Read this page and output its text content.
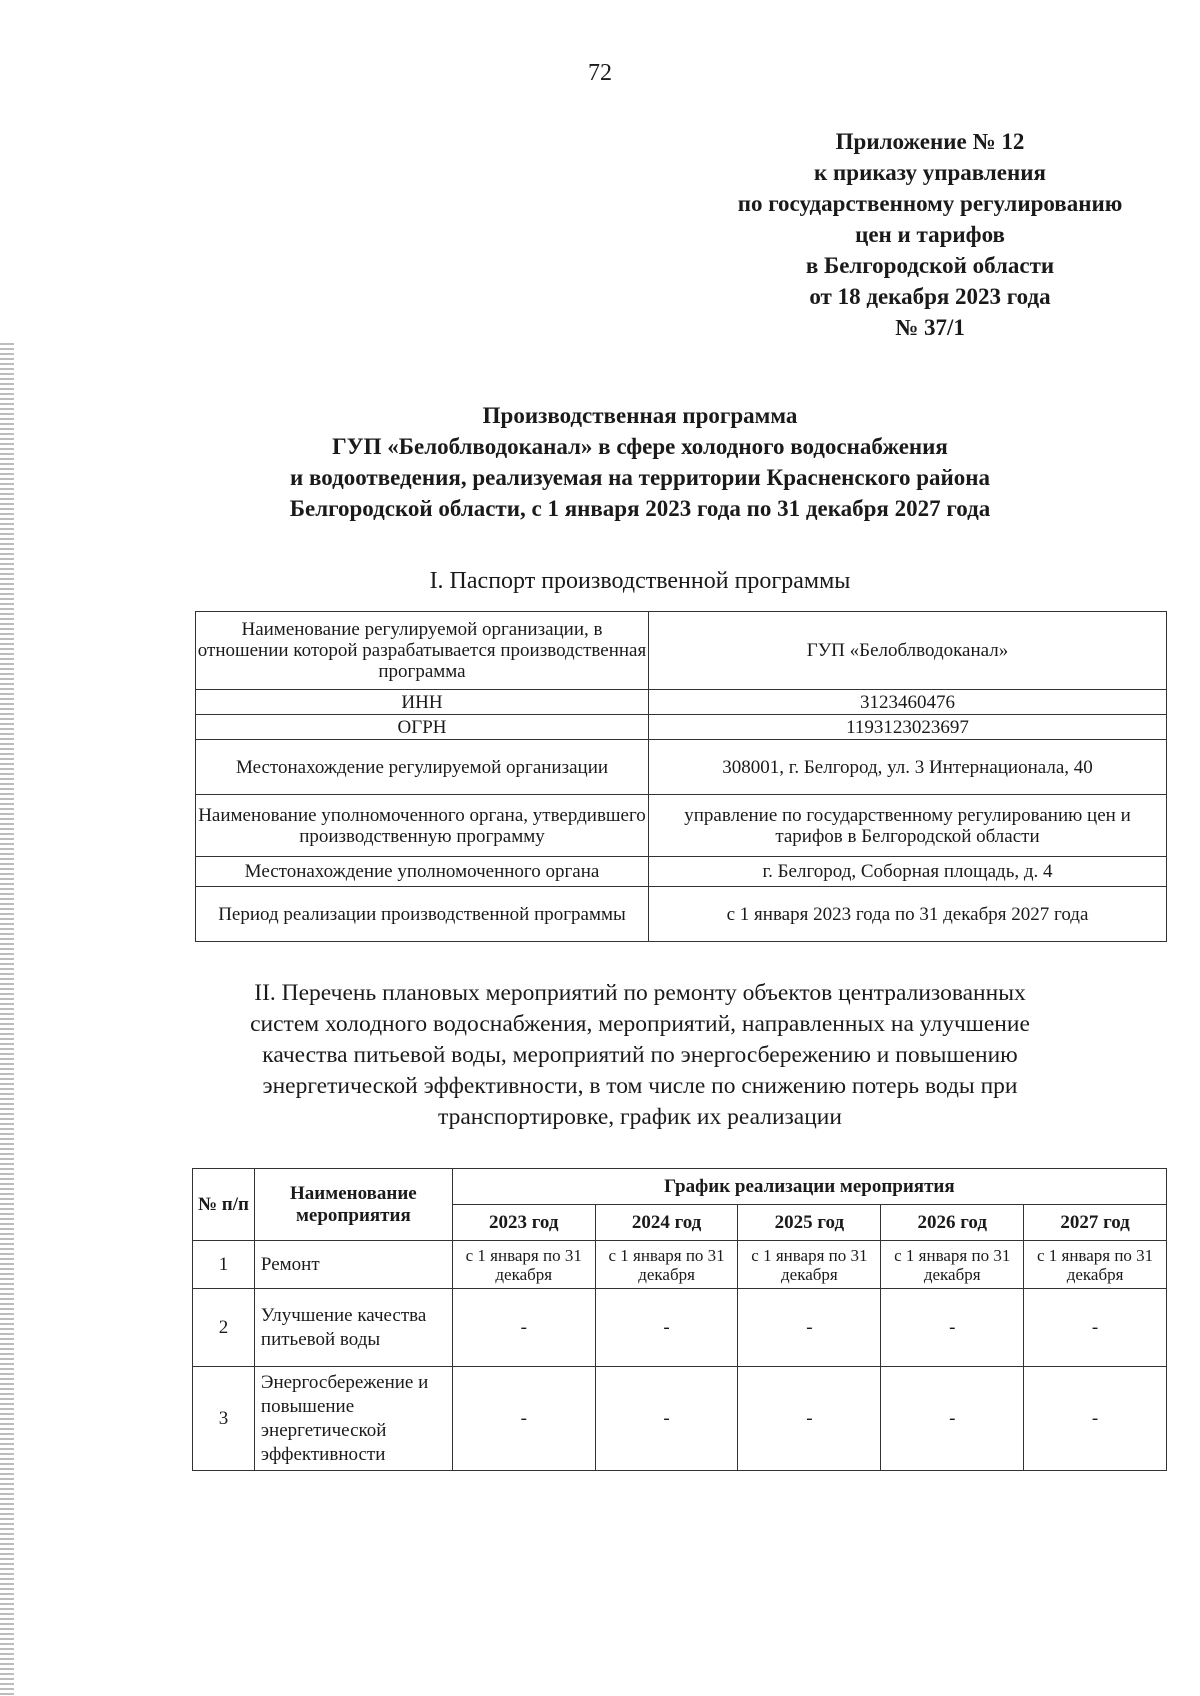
72
Приложение № 12
к приказу управления
по государственному регулированию
цен и тарифов
в Белгородской области
от 18 декабря 2023 года
№ 37/1
Производственная программа
ГУП «Белоблводоканал» в сфере холодного водоснабжения
и водоотведения, реализуемая на территории Красненского района
Белгородской области, с 1 января 2023 года по 31 декабря 2027 года
I. Паспорт производственной программы
Наименование регулируемой организации, в отношении которой разрабатывается производственная программа	ГУП «Белоблводоканал»
ИНН	3123460476
ОГРН	1193123023697
Местонахождение регулируемой организации	308001, г. Белгород, ул. 3 Интернационала, 40
Наименование уполномоченного органа, утвердившего производственную программу	управление по государственному регулированию цен и тарифов в Белгородской области
Местонахождение уполномоченного органа	г. Белгород, Соборная площадь, д. 4
Период реализации производственной программы	с 1 января 2023 года по 31 декабря 2027 года
II. Перечень плановых мероприятий по ремонту объектов централизованных
систем холодного водоснабжения, мероприятий, направленных на улучшение
качества питьевой воды, мероприятий по энергосбережению и повышению
энергетической эффективности, в том числе по снижению потерь воды при
транспортировке, график их реализации
№ п/п	Наименование мероприятия	График реализации мероприятия				
		2023 год	2024 год	2025 год	2026 год	2027 год
1	Ремонт	с 1 января по 31 декабря	с 1 января по 31 декабря	с 1 января по 31 декабря	с 1 января по 31 декабря	с 1 января по 31 декабря
2	Улучшение качества питьевой воды	-	-	-	-	-
3	Энергосбережение и повышение энергетической эффективности	-	-	-	-	-
